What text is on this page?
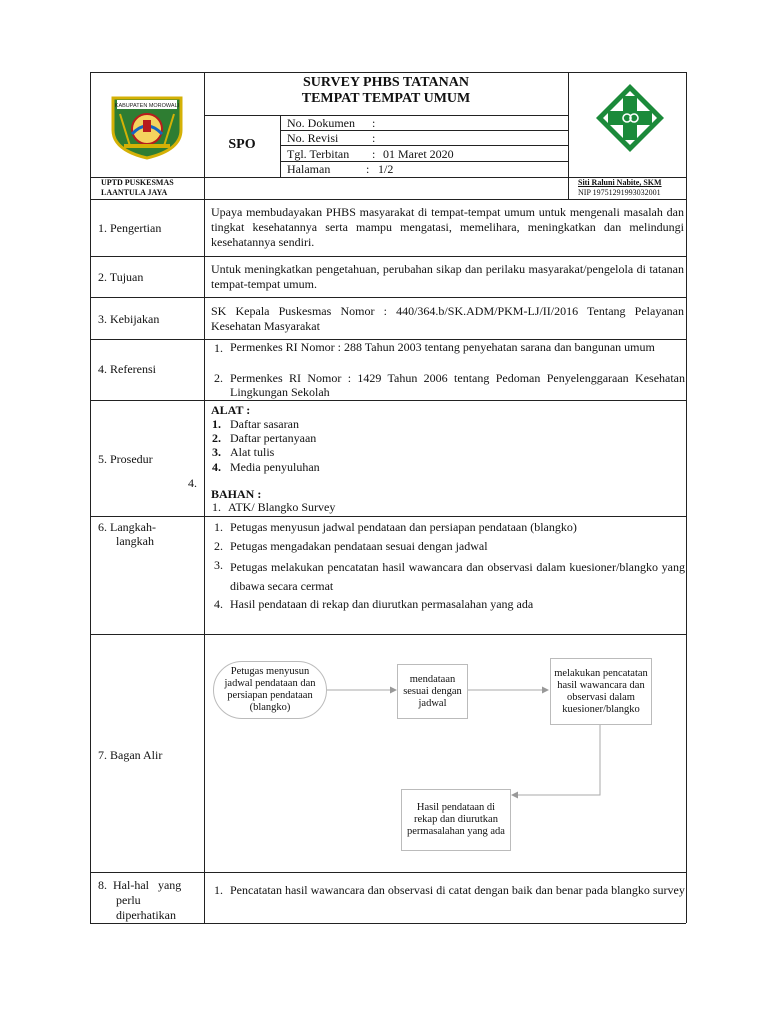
KABUPATEN MOROWALI
SURVEY PHBS TATANAN
TEMPAT TEMPAT UMUM
SPO
No. Dokumen :
No. Revisi	:
Tgl. Terbitan : 01 Maret 2020
Halaman	: 1/2
UPTD PUSKESMAS
LAANTULA JAYA
Siti Raluni Nabite, SKM
NIP 19751291993032001
1. Pengertian
Upaya membudayakan PHBS masyarakat di tempat-tempat umum untuk mengenali masalah dan tingkat kesehatannya serta mampu mengatasi, memelihara, meningkatkan dan melindungi kesehatannya sendiri.
2. Tujuan
Untuk meningkatkan pengetahuan, perubahan sikap dan perilaku masyarakat/pengelola di tatanan tempat-tempat umum.
3. Kebijakan
SK Kepala Puskesmas Nomor : 440/364.b/SK.ADM/PKM-LJ/II/2016 Tentang Pelayanan Kesehatan Masyarakat
4. Referensi
1. Permenkes RI Nomor : 288 Tahun 2003 tentang penyehatan sarana dan bangunan umum
2. Permenkes RI Nomor : 1429 Tahun 2006 tentang Pedoman Penyelenggaraan Kesehatan Lingkungan Sekolah
5. Prosedur
4.
ALAT :
1. Daftar sasaran
2. Daftar pertanyaan
3. Alat tulis
4. Media penyuluhan
BAHAN :
1. ATK/ Blangko Survey
6. Langkah-
langkah
1. Petugas menyusun jadwal pendataan dan persiapan pendataan (blangko)
2. Petugas mengadakan pendataan sesuai dengan jadwal
3. Petugas melakukan pencatatan hasil wawancara dan observasi dalam kuesioner/blangko yang dibawa secara cermat
4. Hasil pendataan di rekap dan diurutkan permasalahan yang ada
7. Bagan Alir
Petugas menyusun jadwal pendataan dan persiapan pendataan (blangko)
mendataan sesuai dengan jadwal
melakukan pencatatan hasil wawancara dan observasi dalam kuesioner/blangko
Hasil pendataan di rekap dan diurutkan permasalahan yang ada
8.  Hal-hal   yang
perlu
diperhatikan
1. Pencatatan hasil wawancara dan observasi di catat dengan baik dan benar pada blangko survey
